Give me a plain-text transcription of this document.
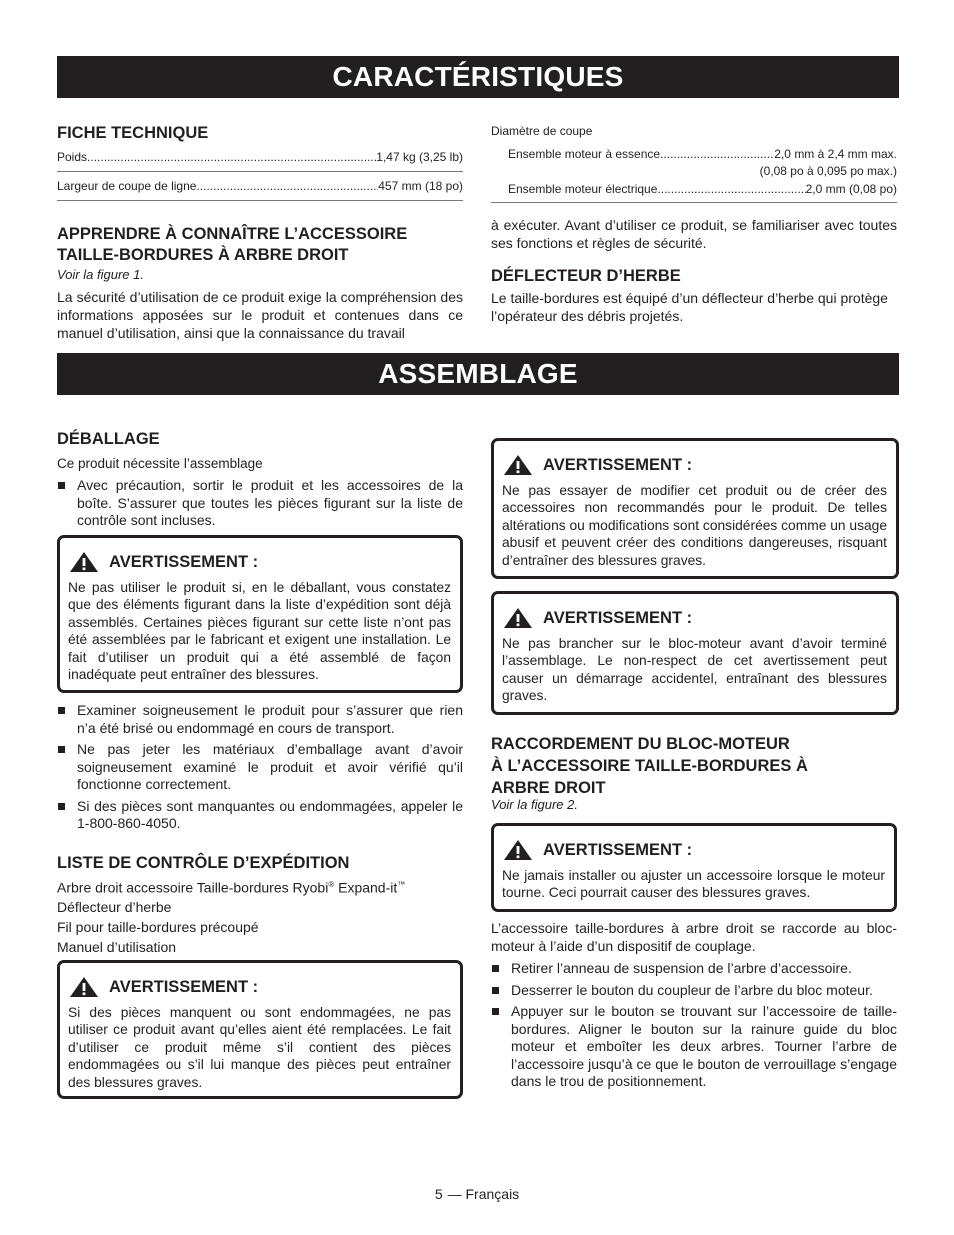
CARACTÉRISTIQUES
FICHE TECHNIQUE
Poids .....	1,47 kg (3,25 lb)
Largeur de coupe de ligne .....	457 mm (18 po)
APPRENDRE À CONNAÎTRE L’ACCESSOIRE
TAILLE-BORDURES À ARBRE DROIT
Voir la figure 1.

La sécurité d’utilisation de ce produit exige la compréhension des informations apposées sur le produit et contenues dans ce manuel d’utilisation, ainsi que la connaissance du travail

Diamètre de coupe
Ensemble moteur à essence .....	2,0 mm à 2,4 mm max.
(0,08 po à 0,095 po max.)
Ensemble moteur électrique .....	2,0 mm (0,08 po)

à exécuter. Avant d’utiliser ce produit, se familiariser avec toutes ses fonctions et règles de sécurité.

DÉFLECTEUR D’HERBE

Le taille-bordures est équipé d’un déflecteur d’herbe qui protège l’opérateur des débris projetés.

ASSEMBLAGE
DÉBALLAGE
Ce produit nécessite l’assemblage
Avec précaution, sortir le produit et les accessoires de la boîte. S’assurer que toutes les pièces figurant sur la liste de contrôle sont incluses.
AVERTISSEMENT :

Ne pas utiliser le produit si, en le déballant, vous constatez que des éléments figurant dans la liste d’expédition sont déjà assemblés. Certaines pièces figurant sur cette liste n’ont pas été assemblées par le fabricant et exigent une installation. Le fait d’utiliser un produit qui a été assemblé de façon inadéquate peut entraîner des blessures.

Examiner soigneusement le produit pour s’assurer que rien n’a été brisé ou endommagé en cours de transport.
Ne pas jeter les matériaux d’emballage avant d’avoir soigneusement examiné le produit et avoir vérifié qu’il fonctionne correctement.
Si des pièces sont manquantes ou endommagées, appeler le 1-800-860-4050.
LISTE DE CONTRÔLE D’EXPÉDITION

Arbre droit accessoire Taille-bordures Ryobi® Expand-it™

Déflecteur d’herbe

Fil pour taille-bordures précoupé

Manuel d’utilisation

AVERTISSEMENT :

Si des pièces manquent ou sont endommagées, ne pas utiliser ce produit avant qu’elles aient été remplacées. Le fait d’utiliser ce produit même s’il contient des pièces endommagées ou s’il lui manque des pièces peut entraîner des blessures graves.

AVERTISSEMENT :

Ne pas essayer de modifier cet produit ou de créer des accessoires non recommandés pour le produit. De telles altérations ou modifications sont considérées comme un usage abusif et peuvent créer des conditions dangereuses, risquant d’entraîner des blessures graves.

AVERTISSEMENT :

Ne pas brancher sur le bloc-moteur avant d’avoir terminé l’assemblage. Le non-respect de cet avertissement peut causer un démarrage accidentel, entraînant des blessures graves.

RACCORDEMENT DU BLOC-MOTEUR
À L’ACCESSOIRE TAILLE-BORDURES À
ARBRE DROIT
Voir la figure 2.
AVERTISSEMENT :

Ne jamais installer ou ajuster un accessoire lorsque le moteur tourne. Ceci pourrait causer des blessures graves.

L’accessoire taille-bordures à arbre droit se raccorde au bloc-moteur à l’aide d’un dispositif de couplage.

Retirer l’anneau de suspension de l’arbre d’accessoire.
Desserrer le bouton du coupleur de l’arbre du bloc moteur.
Appuyer sur le bouton se trouvant sur l’accessoire de taille-bordures. Aligner le bouton sur la rainure guide du bloc moteur et emboîter les deux arbres. Tourner l’arbre de l’accessoire jusqu’à ce que le bouton de verrouillage s’engage dans le trou de positionnement.
5 — Français
